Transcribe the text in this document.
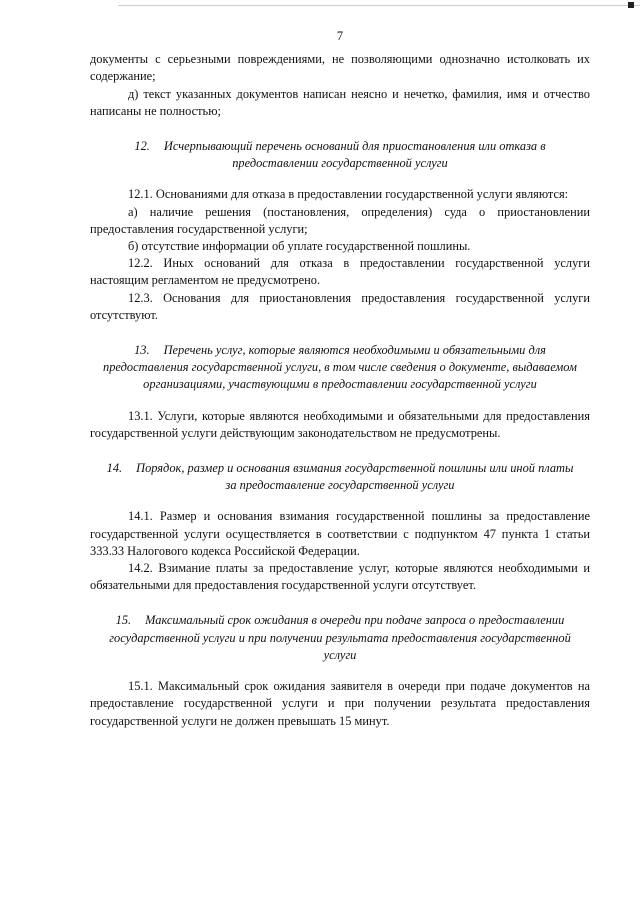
7

документы с серьезными повреждениями, не позволяющими однозначно истолковать их содержание;

д) текст указанных документов написан неясно и нечетко, фамилия, имя и отчество написаны не полностью;

12. Исчерпывающий перечень оснований для приостановления или отказа в предоставлении государственной услуги

12.1. Основаниями для отказа в предоставлении государственной услуги являются:

а) наличие решения (постановления, определения) суда о приостановлении предоставления государственной услуги;

б) отсутствие информации об уплате государственной пошлины.

12.2. Иных оснований для отказа в предоставлении государственной услуги настоящим регламентом не предусмотрено.

12.3. Основания для приостановления предоставления государственной услуги отсутствуют.

13. Перечень услуг, которые являются необходимыми и обязательными для предоставления государственной услуги, в том числе сведения о документе, выдаваемом организациями, участвующими в предоставлении государственной услуги

13.1. Услуги, которые являются необходимыми и обязательными для предоставления государственной услуги действующим законодательством не предусмотрены.

14. Порядок, размер и основания взимания государственной пошлины или иной платы за предоставление государственной услуги

14.1. Размер и основания взимания государственной пошлины за предоставление государственной услуги осуществляется в соответствии с подпунктом 47 пункта 1 статьи 333.33 Налогового кодекса Российской Федерации.

14.2. Взимание платы за предоставление услуг, которые являются необходимыми и обязательными для предоставления государственной услуги отсутствует.

15. Максимальный срок ожидания в очереди при подаче запроса о предоставлении государственной услуги и при получении результата предоставления государственной услуги

15.1. Максимальный срок ожидания заявителя в очереди при подаче документов на предоставление государственной услуги и при получении результата предоставления государственной услуги не должен превышать 15 минут.
